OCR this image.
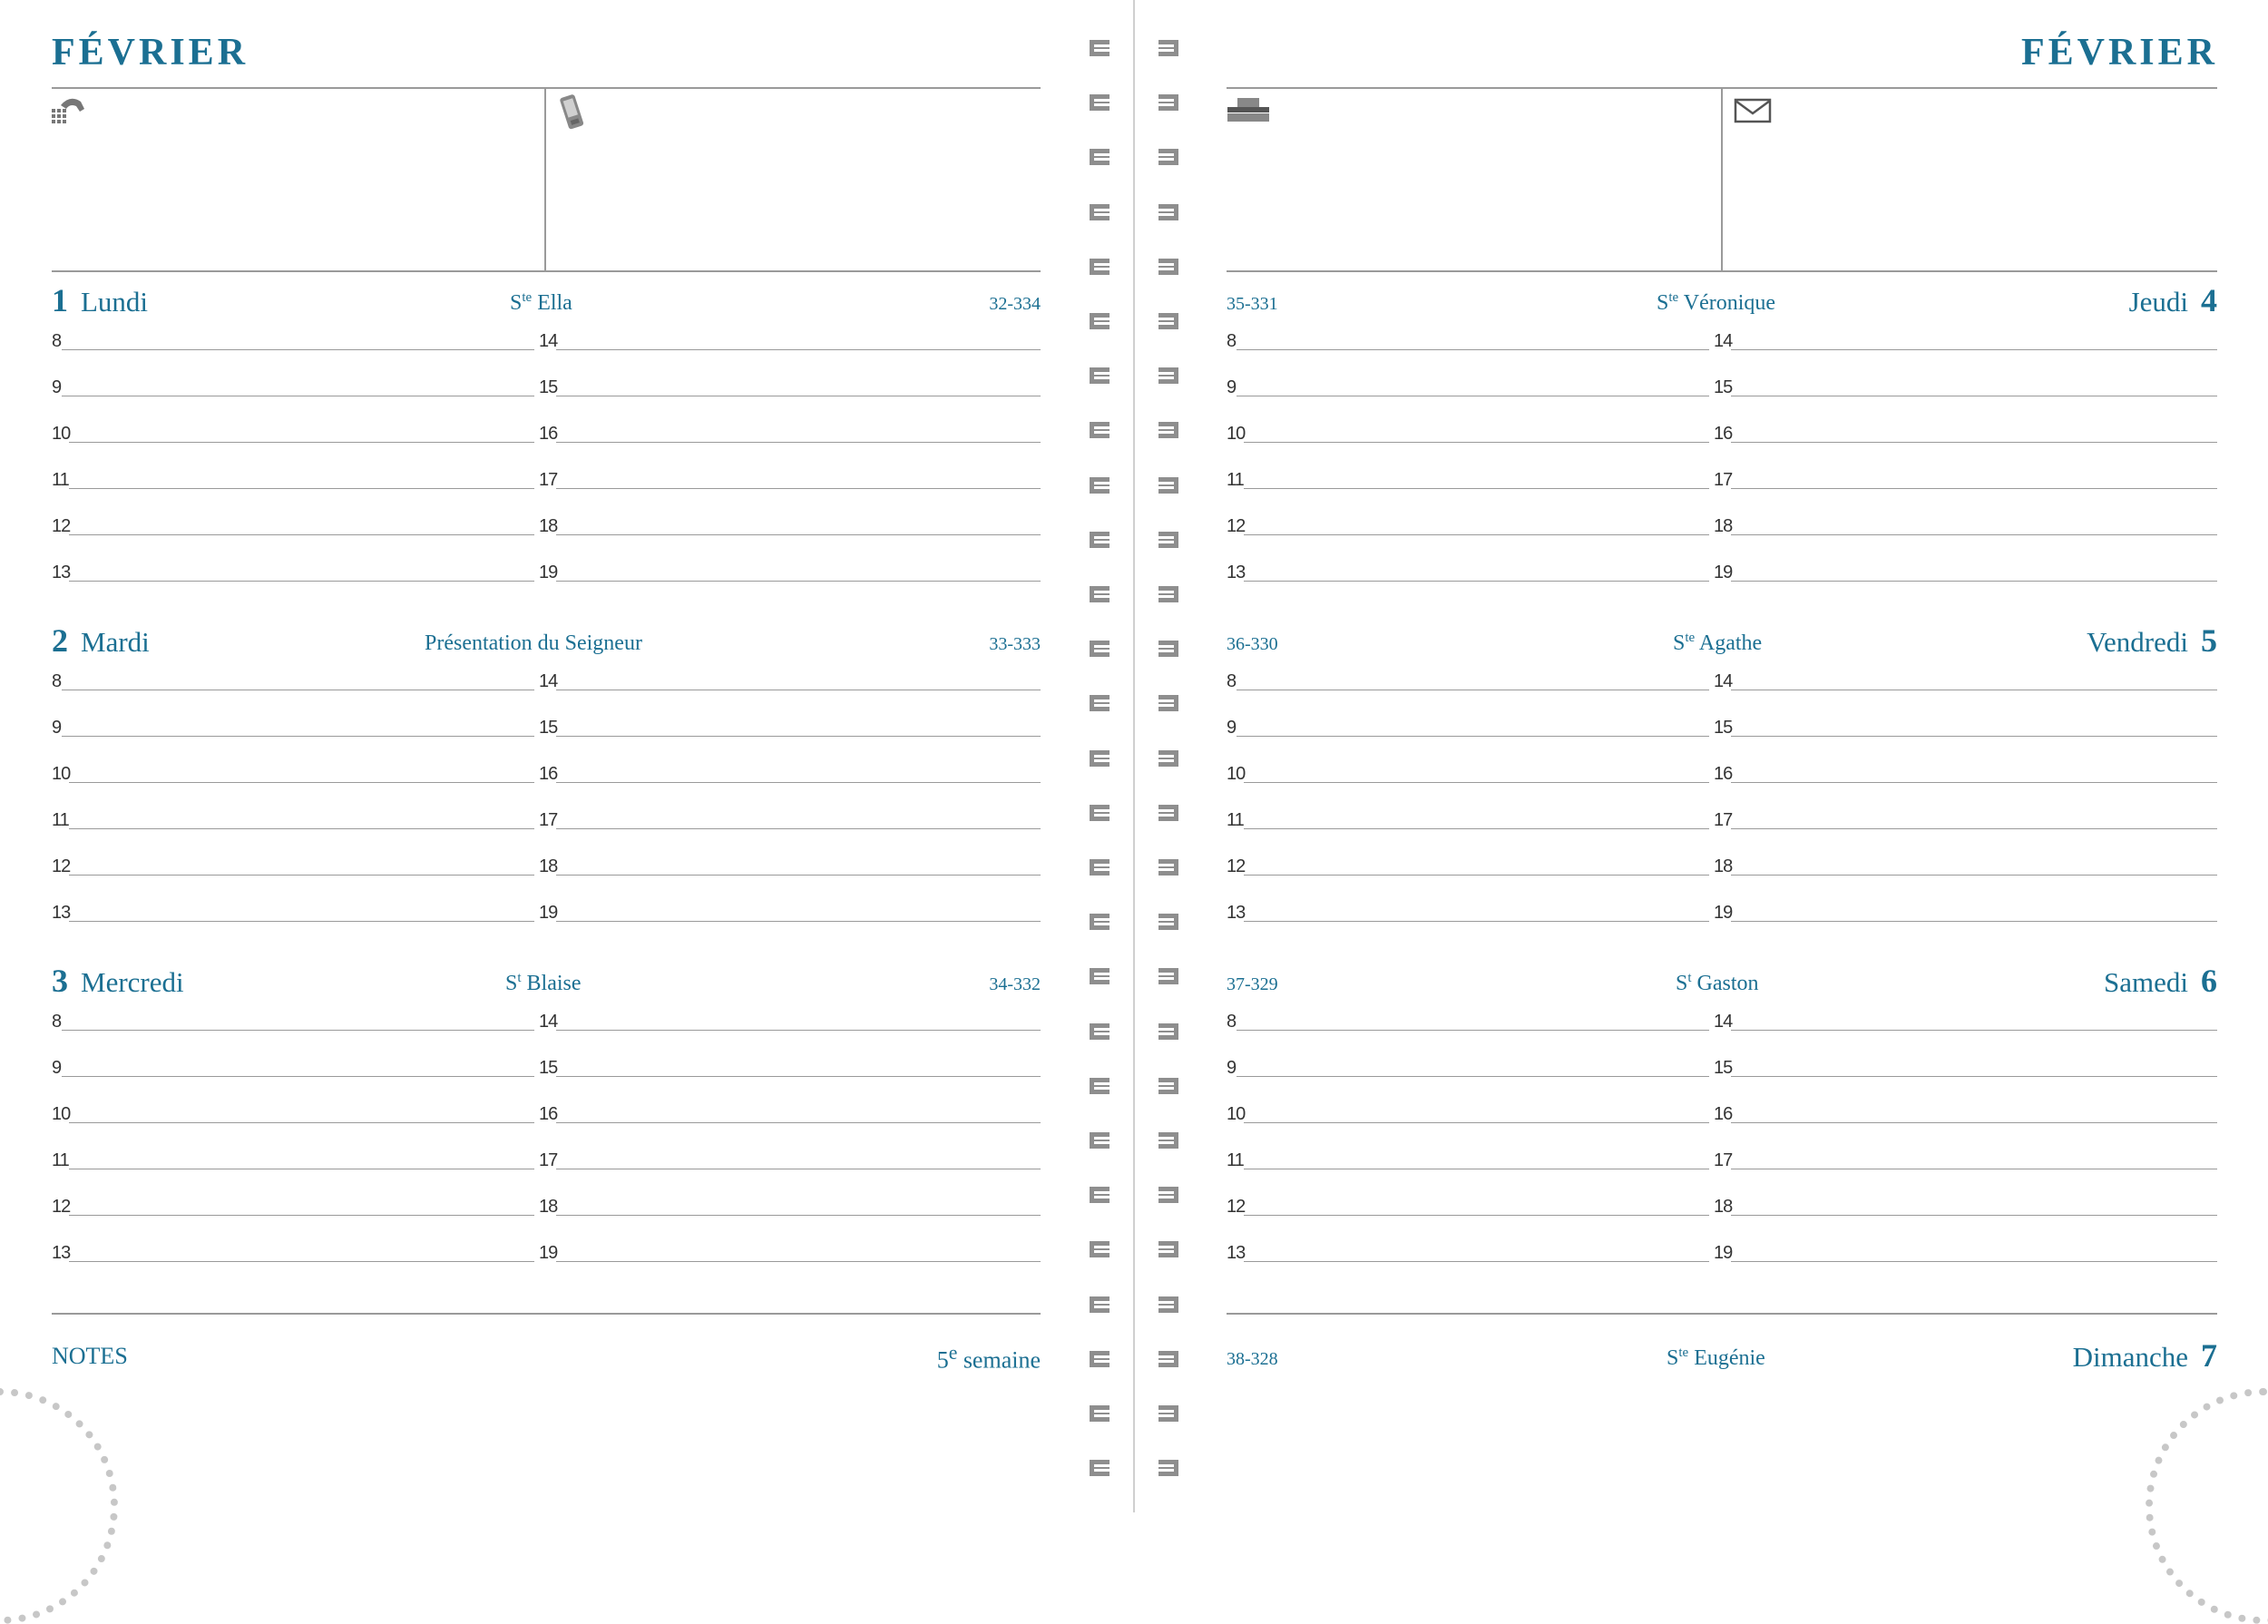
FÉVRIER
1 Lundi	$S^{te}$ Ella	32-334
2 Mardi	Présentation du Seigneur	33-333
3 Mercredi	$S^t$ Blaise	34-332
NOTES	5e semaine
FÉVRIER
35-331	$S^{te}$ Véronique	Jeudi 4
36-330	$S^{te}$ Agathe	Vendredi 5
37-329	$S^t$ Gaston	Samedi 6
38-328	$S^{te}$ Eugénie	Dimanche 7
8	14
9	15
10	16
11	17
12	18
13	19
8	14
9	15
10	16
11	17
12	18
13	19
8	14
9	15
10	16
11	17
12	18
13	19
8	14
9	15
10	16
11	17
12	18
13	19
8	14
9	15
10	16
11	17
12	18
13	19
8	14
9	15
10	16
11	17
12	18
13	19
